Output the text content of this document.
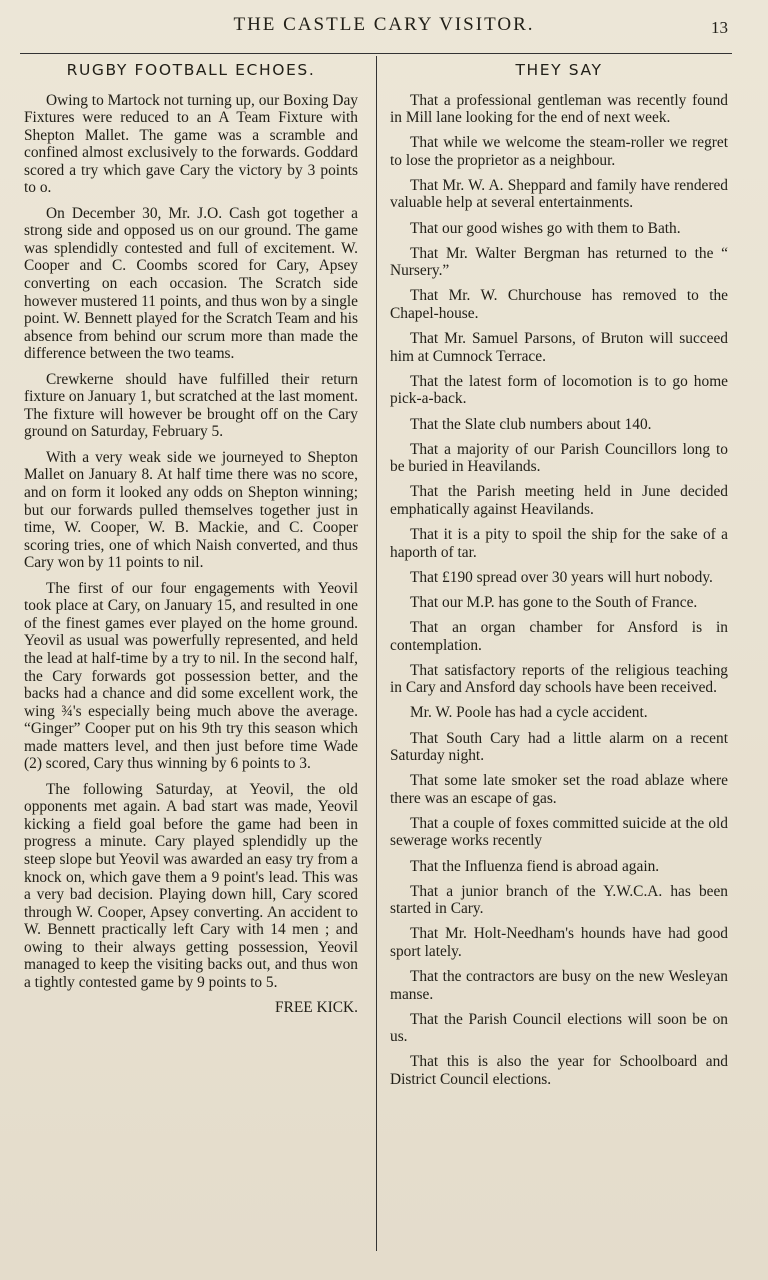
THE CASTLE CARY VISITOR.	13
RUGBY FOOTBALL ECHOES.

Owing to Martock not turning up, our Boxing Day Fixtures were reduced to an A Team Fixture with Shepton Mallet. The game was a scramble and confined almost exclusively to the forwards. Goddard scored a try which gave Cary the victory by 3 points to o.

On December 30, Mr. J.O. Cash got together a strong side and opposed us on our ground. The game was splendidly contested and full of excitement. W. Cooper and C. Coombs scored for Cary, Apsey converting on each occasion. The Scratch side however mustered 11 points, and thus won by a single point. W. Bennett played for the Scratch Team and his absence from behind our scrum more than made the difference between the two teams.

Crewkerne should have fulfilled their return fixture on January 1, but scratched at the last moment. The fixture will however be brought off on the Cary ground on Saturday, February 5.

With a very weak side we journeyed to Shepton Mallet on January 8. At half time there was no score, and on form it looked any odds on Shepton winning; but our forwards pulled themselves together just in time, W. Cooper, W. B. Mackie, and C. Cooper scoring tries, one of which Naish converted, and thus Cary won by 11 points to nil.

The first of our four engagements with Yeovil took place at Cary, on January 15, and resulted in one of the finest games ever played on the home ground. Yeovil as usual was powerfully represented, and held the lead at half-time by a try to nil. In the second half, the Cary forwards got possession better, and the backs had a chance and did some excellent work, the wing ¾'s especially being much above the average. “Ginger” Cooper put on his 9th try this season which made matters level, and then just before time Wade (2) scored, Cary thus winning by 6 points to 3.

The following Saturday, at Yeovil, the old opponents met again. A bad start was made, Yeovil kicking a field goal before the game had been in progress a minute. Cary played splendidly up the steep slope but Yeovil was awarded an easy try from a knock on, which gave them a 9 point's lead. This was a very bad decision. Playing down hill, Cary scored through W. Cooper, Apsey converting. An accident to W. Bennett practically left Cary with 14 men ; and owing to their always getting possession, Yeovil managed to keep the visiting backs out, and thus won a tightly contested game by 9 points to 5.

FREE KICK.
THEY SAY

That a professional gentleman was recently found in Mill lane looking for the end of next week.

That while we welcome the steam-roller we regret to lose the proprietor as a neighbour.

That Mr. W. A. Sheppard and family have rendered valuable help at several entertainments.

That our good wishes go with them to Bath.

That Mr. Walter Bergman has returned to the “ Nursery.”

That Mr. W. Churchouse has removed to the Chapel-house.

That Mr. Samuel Parsons, of Bruton will succeed him at Cumnock Terrace.

That the latest form of locomotion is to go home pick-a-back.

That the Slate club numbers about 140.

That a majority of our Parish Councillors long to be buried in Heavilands.

That the Parish meeting held in June decided emphatically against Heavilands.

That it is a pity to spoil the ship for the sake of a haporth of tar.

That £190 spread over 30 years will hurt nobody.

That our M.P. has gone to the South of France.

That an organ chamber for Ansford is in contemplation.

That satisfactory reports of the religious teaching in Cary and Ansford day schools have been received.

Mr. W. Poole has had a cycle accident.

That South Cary had a little alarm on a recent Saturday night.

That some late smoker set the road ablaze where there was an escape of gas.

That a couple of foxes committed suicide at the old sewerage works recently

That the Influenza fiend is abroad again.

That a junior branch of the Y.W.C.A. has been started in Cary.

That Mr. Holt-Needham's hounds have had good sport lately.

That the contractors are busy on the new Wesleyan manse.

That the Parish Council elections will soon be on us.

That this is also the year for Schoolboard and District Council elections.
